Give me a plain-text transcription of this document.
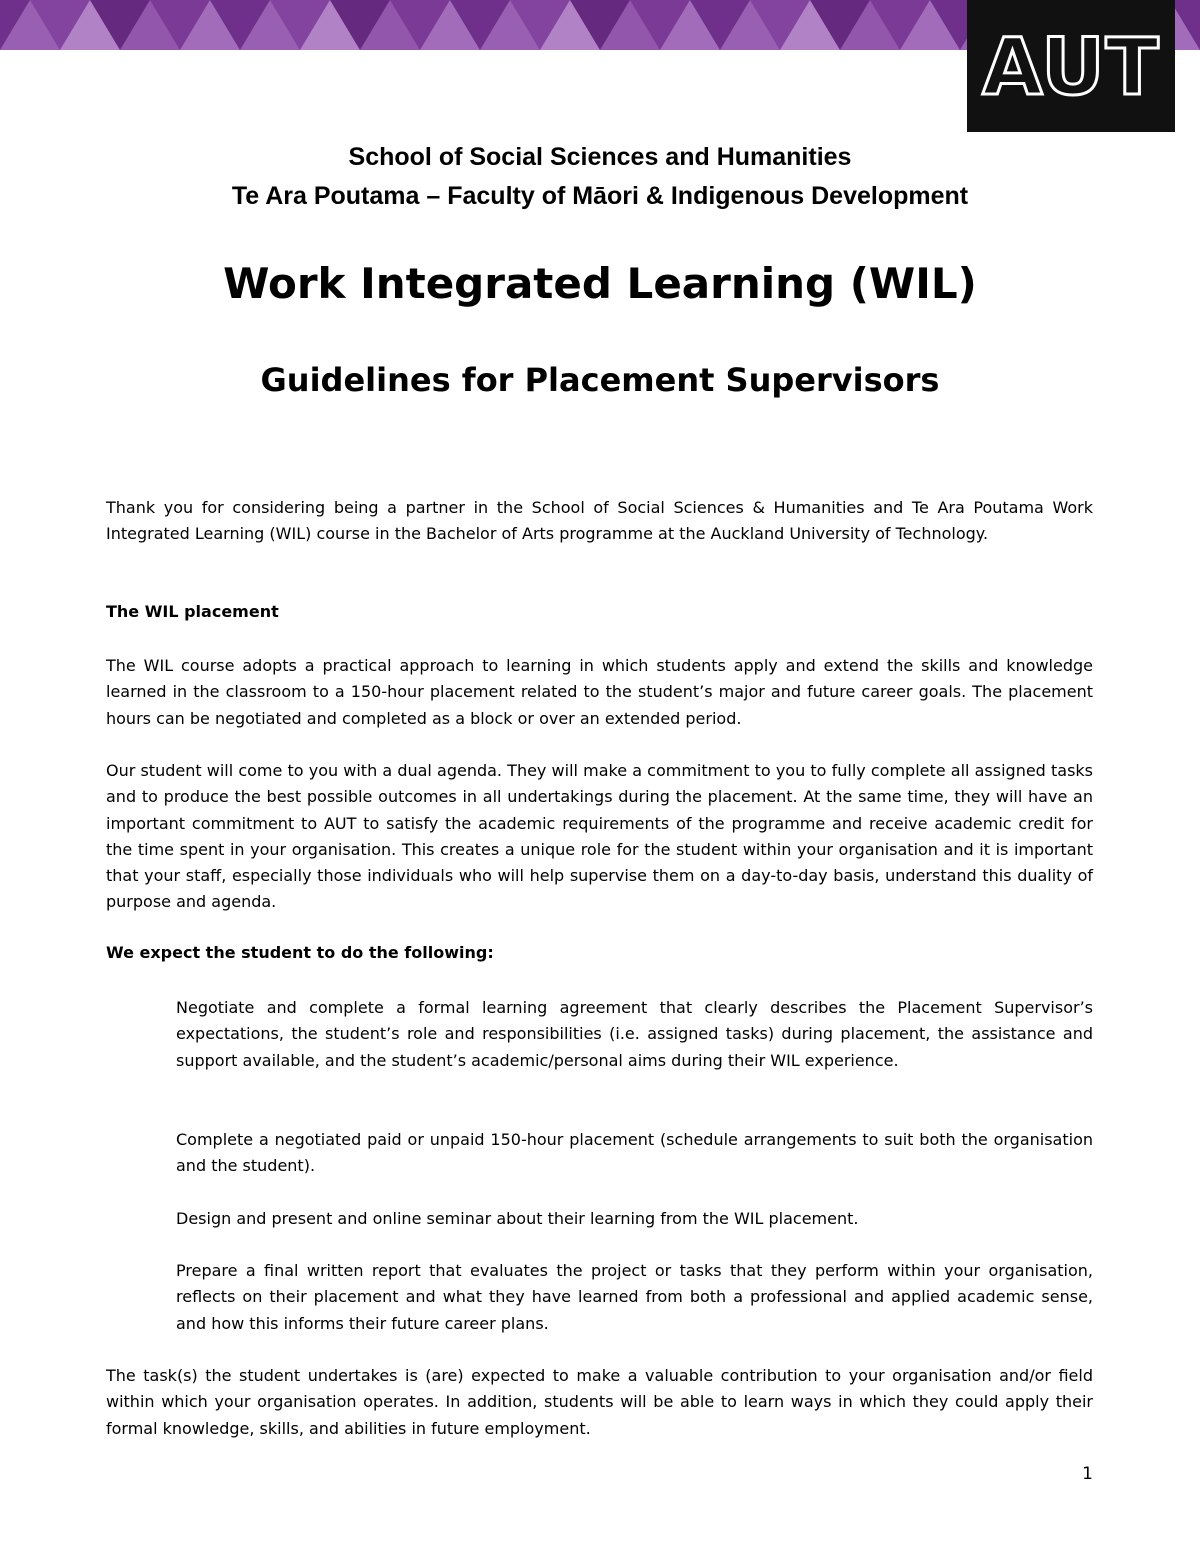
AUT
School of Social Sciences and Humanities
Te Ara Poutama – Faculty of Māori & Indigenous Development
Work Integrated Learning (WIL)
Guidelines for Placement Supervisors
Thank you for considering being a partner in the School of Social Sciences & Humanities and Te Ara Poutama Work Integrated Learning (WIL) course in the Bachelor of Arts programme at the Auckland University of Technology.
The WIL placement
The WIL course adopts a practical approach to learning in which students apply and extend the skills and knowledge learned in the classroom to a 150-hour placement related to the student’s major and future career goals. The placement hours can be negotiated and completed as a block or over an extended period.
Our student will come to you with a dual agenda. They will make a commitment to you to fully complete all assigned tasks and to produce the best possible outcomes in all undertakings during the placement. At the same time, they will have an important commitment to AUT to satisfy the academic requirements of the programme and receive academic credit for the time spent in your organisation. This creates a unique role for the student within your organisation and it is important that your staff, especially those individuals who will help supervise them on a day-to-day basis, understand this duality of purpose and agenda.
We expect the student to do the following:
Negotiate and complete a formal learning agreement that clearly describes the Placement Supervisor’s expectations, the student’s role and responsibilities (i.e. assigned tasks) during placement, the assistance and support available, and the student’s academic/personal aims during their WIL experience.
Complete a negotiated paid or unpaid 150-hour placement (schedule arrangements to suit both the organisation and the student).
Design and present and online seminar about their learning from the WIL placement.
Prepare a final written report that evaluates the project or tasks that they perform within your organisation, reflects on their placement and what they have learned from both a professional and applied academic sense, and how this informs their future career plans.
The task(s) the student undertakes is (are) expected to make a valuable contribution to your organisation and/or field within which your organisation operates. In addition, students will be able to learn ways in which they could apply their formal knowledge, skills, and abilities in future employment.
1
